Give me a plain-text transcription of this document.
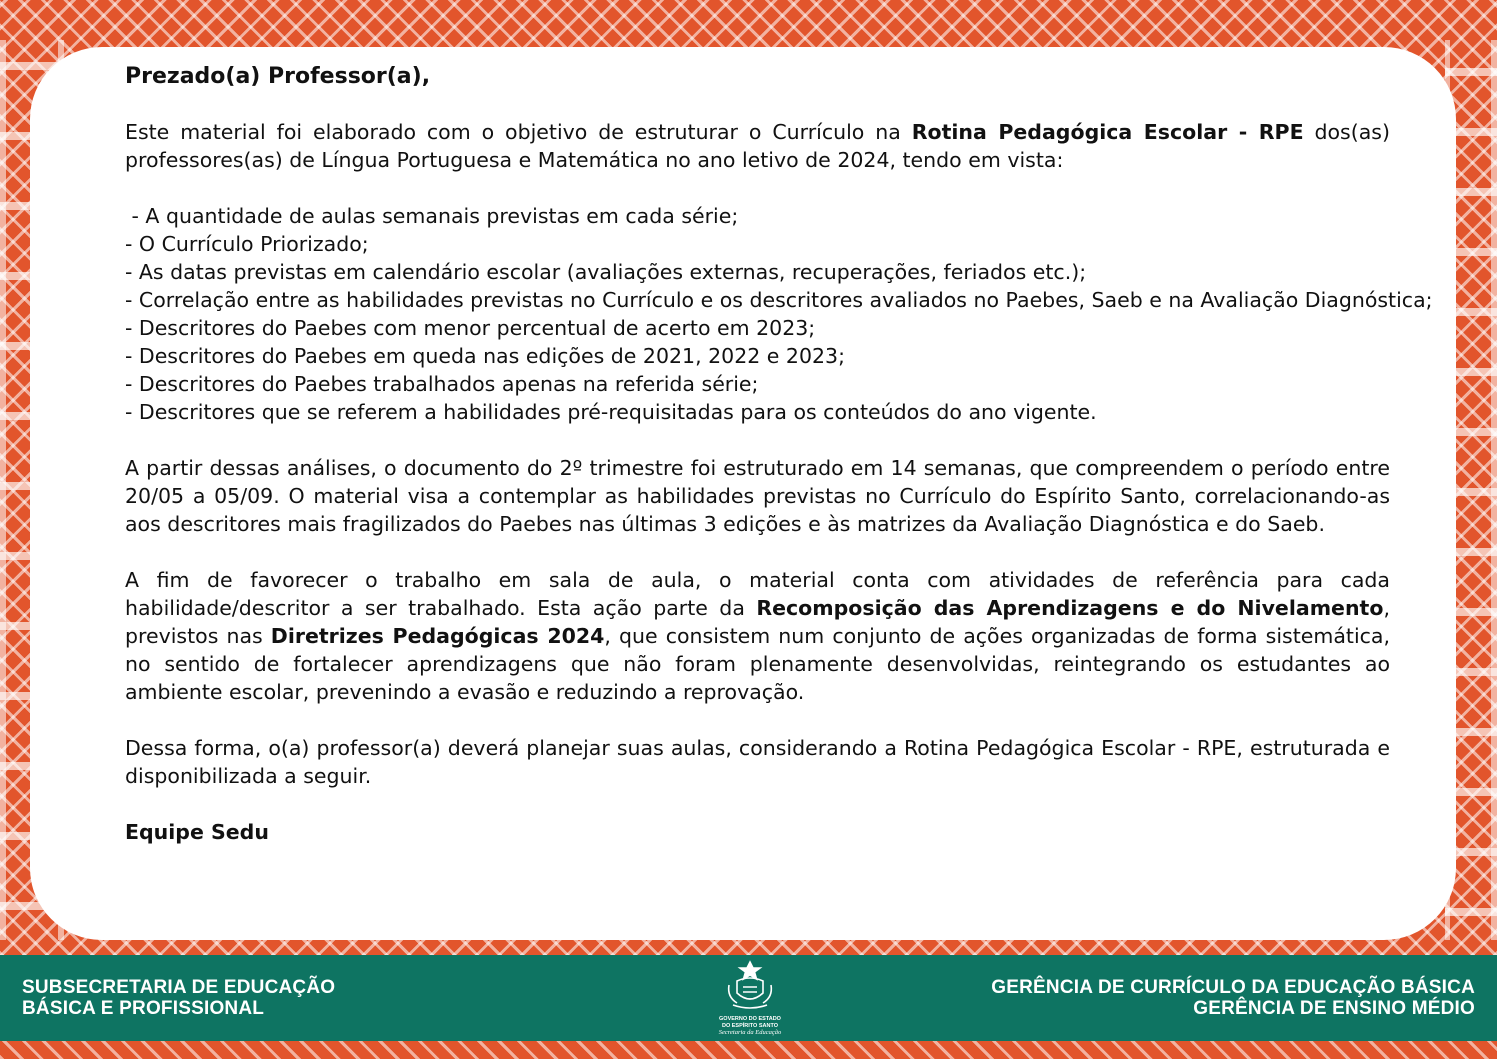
Prezado(a) Professor(a),

Este material foi elaborado com o objetivo de estruturar o Currículo na Rotina Pedagógica Escolar - RPE dos(as) professores(as) de Língua Portuguesa e Matemática no ano letivo de 2024, tendo em vista:

- A quantidade de aulas semanais previstas em cada série;
- O Currículo Priorizado;
- As datas previstas em calendário escolar (avaliações externas, recuperações, feriados etc.);
- Correlação entre as habilidades previstas no Currículo e os descritores avaliados no Paebes, Saeb e na Avaliação Diagnóstica;
- Descritores do Paebes com menor percentual de acerto em 2023;
- Descritores do Paebes em queda nas edições de 2021, 2022 e 2023;
- Descritores do Paebes trabalhados apenas na referida série;
- Descritores que se referem a habilidades pré-requisitadas para os conteúdos do ano vigente.

A partir dessas análises, o documento do 2º trimestre foi estruturado em 14 semanas, que compreendem o período entre 20/05 a 05/09. O material visa a contemplar as habilidades previstas no Currículo do Espírito Santo, correlacionando-as aos descritores mais fragilizados do Paebes nas últimas 3 edições e às matrizes da Avaliação Diagnóstica e do Saeb.

A fim de favorecer o trabalho em sala de aula, o material conta com atividades de referência para cada habilidade/descritor a ser trabalhado. Esta ação parte da Recomposição das Aprendizagens e do Nivelamento, previstos nas Diretrizes Pedagógicas 2024, que consistem num conjunto de ações organizadas de forma sistemática, no sentido de fortalecer aprendizagens que não foram plenamente desenvolvidas, reintegrando os estudantes ao ambiente escolar, prevenindo a evasão e reduzindo a reprovação.

Dessa forma, o(a) professor(a) deverá planejar suas aulas, considerando a Rotina Pedagógica Escolar - RPE, estruturada e disponibilizada a seguir.

Equipe Sedu

SUBSECRETARIA DE EDUCAÇÃO
BÁSICA E PROFISSIONAL	GOVERNO DO ESTADO
DO ESPÍRITO SANTO
Secretaria da Educação
GERÊNCIA DE CURRÍCULO DA EDUCAÇÃO BÁSICA
GERÊNCIA DE ENSINO MÉDIO
